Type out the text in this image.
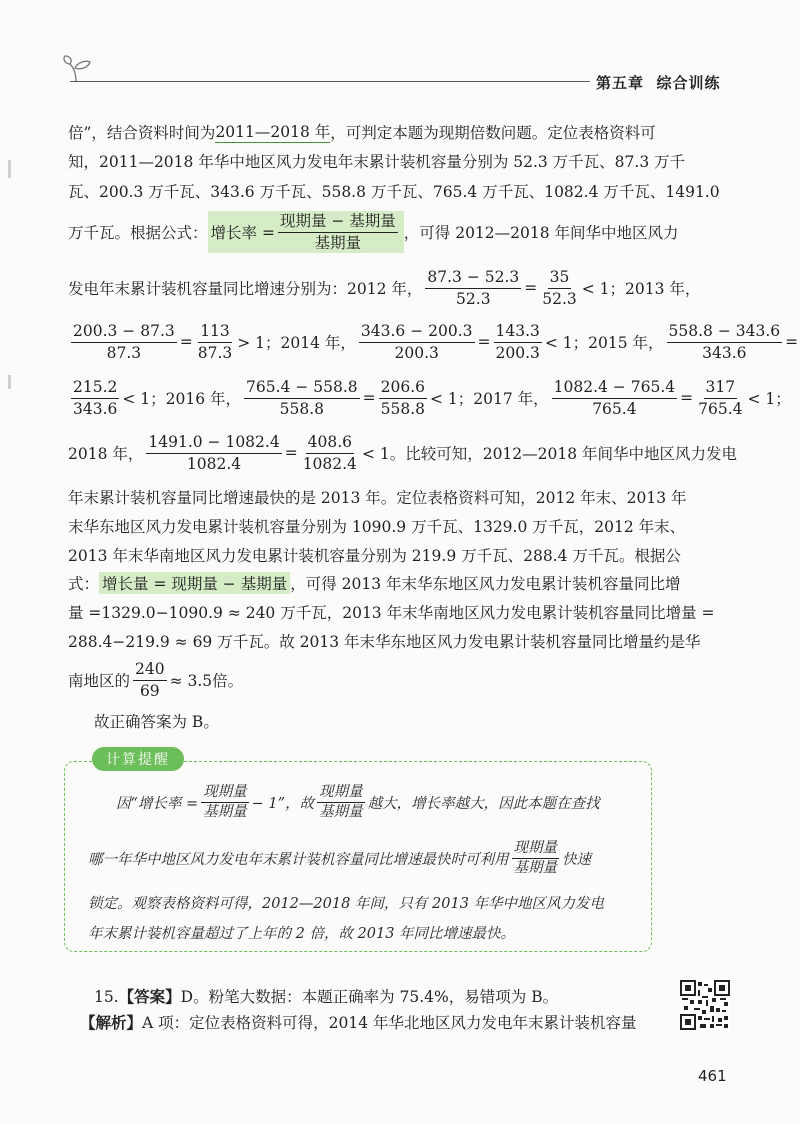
第五章  综合训练
倍”，结合资料时间为 2011—2018 年 ，可判定本题为现期倍数问题。定位表格资料可
知，2011—2018 年华中地区风力发电年末累计装机容量分别为 52.3 万千瓦、87.3 万千
瓦、200.3 万千瓦、343.6 万千瓦、558.8 万千瓦、765.4 万千瓦、1082.4 万千瓦、1491.0
万千瓦。根据公式： 增长率 = $\frac{\text{现期量 − 基期量}}{\text{基期量}}$ ，可得 2012—2018 年间华中地区风力
发电年末累计装机容量同比增速分别为：2012 年， $\frac{87.3 - 52.3}{52.3} = \frac{35}{52.3} < 1$；2013 年，
$\frac{200.3 - 87.3}{87.3} = \frac{113}{87.3} > 1$；2014 年， $\frac{343.6 - 200.3}{200.3} = \frac{143.3}{200.3} < 1$；2015 年， $\frac{558.8 - 343.6}{343.6}$ =
$\frac{215.2}{343.6} < 1$；2016 年， $\frac{765.4 - 558.8}{558.8} = \frac{206.6}{558.8} < 1$；2017 年， $\frac{1082.4 - 765.4}{765.4} = \frac{317}{765.4} < 1$；
2018 年， $\frac{1491.0 - 1082.4}{1082.4} = \frac{408.6}{1082.4} < 1$。比较可知，2012—2018 年间华中地区风力发电
年末累计装机容量同比增速最快的是 2013 年。定位表格资料可知，2012 年末、2013 年
末华东地区风力发电累计装机容量分别为 1090.9 万千瓦、1329.0 万千瓦，2012 年末、
2013 年末华南地区风力发电累计装机容量分别为 219.9 万千瓦、288.4 万千瓦。根据公
式： 增长量 = 现期量 − 基期量 ，可得 2013 年末华东地区风力发电累计装机容量同比增
量 =1329.0−1090.9 ≈ 240 万千瓦，2013 年末华南地区风力发电累计装机容量同比增量 =
288.4−219.9 ≈ 69 万千瓦。故 2013 年末华东地区风力发电累计装机容量同比增量约是华
南地区的 $\frac{240}{69} \approx 3.5$倍。
故正确答案为 B。
计算提醒
因“增长率 = $\frac{\text{现期量}}{\text{基期量}} - 1$”，故 $\frac{\text{现期量}}{\text{基期量}}$ 越大，增长率越大，因此本题在查找
哪一年华中地区风力发电年末累计装机容量同比增速最快时可利用 $\frac{\text{现期量}}{\text{基期量}}$ 快速
锁定。观察表格资料可得，2012—2018 年间，只有 2013 年华中地区风力发电
年末累计装机容量超过了上年的 2 倍，故 2013 年同比增速最快。
15.【答案】D。粉笔大数据：本题正确率为 75.4%，易错项为 B。
【解析】A 项：定位表格资料可得，2014 年华北地区风力发电年末累计装机容量
461
